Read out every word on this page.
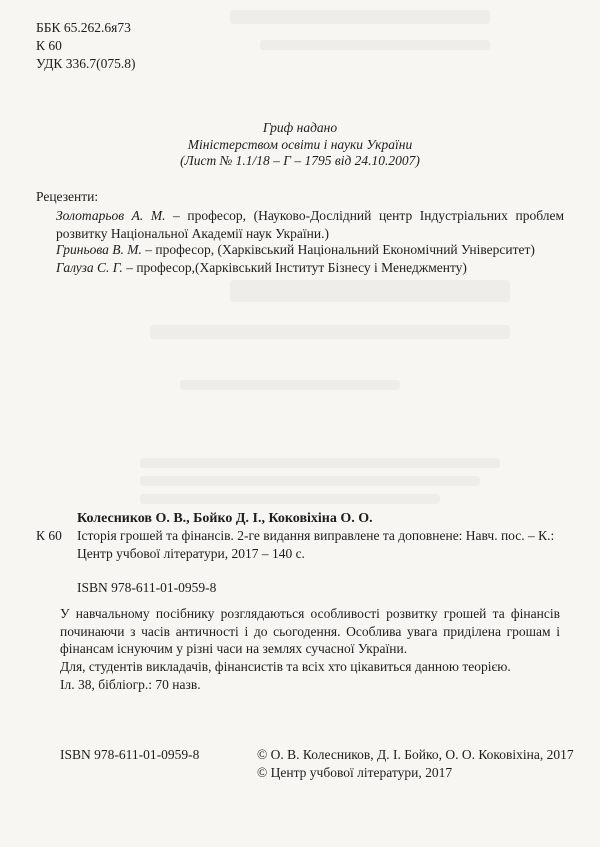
ББК 65.262.6я73
К 60
УДК 336.7(075.8)
Гриф надано
Міністерством освіти і науки України
(Лист № 1.1/18 – Г – 1795 від 24.10.2007)
Рецезенти:
Золотарьов А. М. – професор, (Науково-Дослідний центр Індустріальних проблем розвитку Національної Академії наук України.)
Гриньова В. М. – професор, (Харківський Національний Економічний Університет)
Галуза С. Г. – професор,(Харківський Інститут Бізнесу і Менеджменту)
К 60
Колесников О. В., Бойко Д. І., Коковіхіна О. О.
Історія грошей та фінансів. 2-ге видання виправлене та доповнене: Навч. пос. – К.:
Центр учбової літератури, 2017 – 140 с.
ISBN 978-611-01-0959-8
У навчальному посібнику розглядаються особливості розвитку грошей та фінансів починаючи з часів античності і до сьогодення. Особлива увага приділена грошам і фінансам існуючим у різні часи на землях сучасної України.
Для, студентів викладачів, фінансистів та всіх хто цікавиться данною теорією.
Іл. 38, бібліогр.: 70 назв.
ISBN 978-611-01-0959-8	© О. В. Колесников, Д. І. Бойко, О. О. Коковіхіна, 2017
© Центр учбової літератури, 2017
